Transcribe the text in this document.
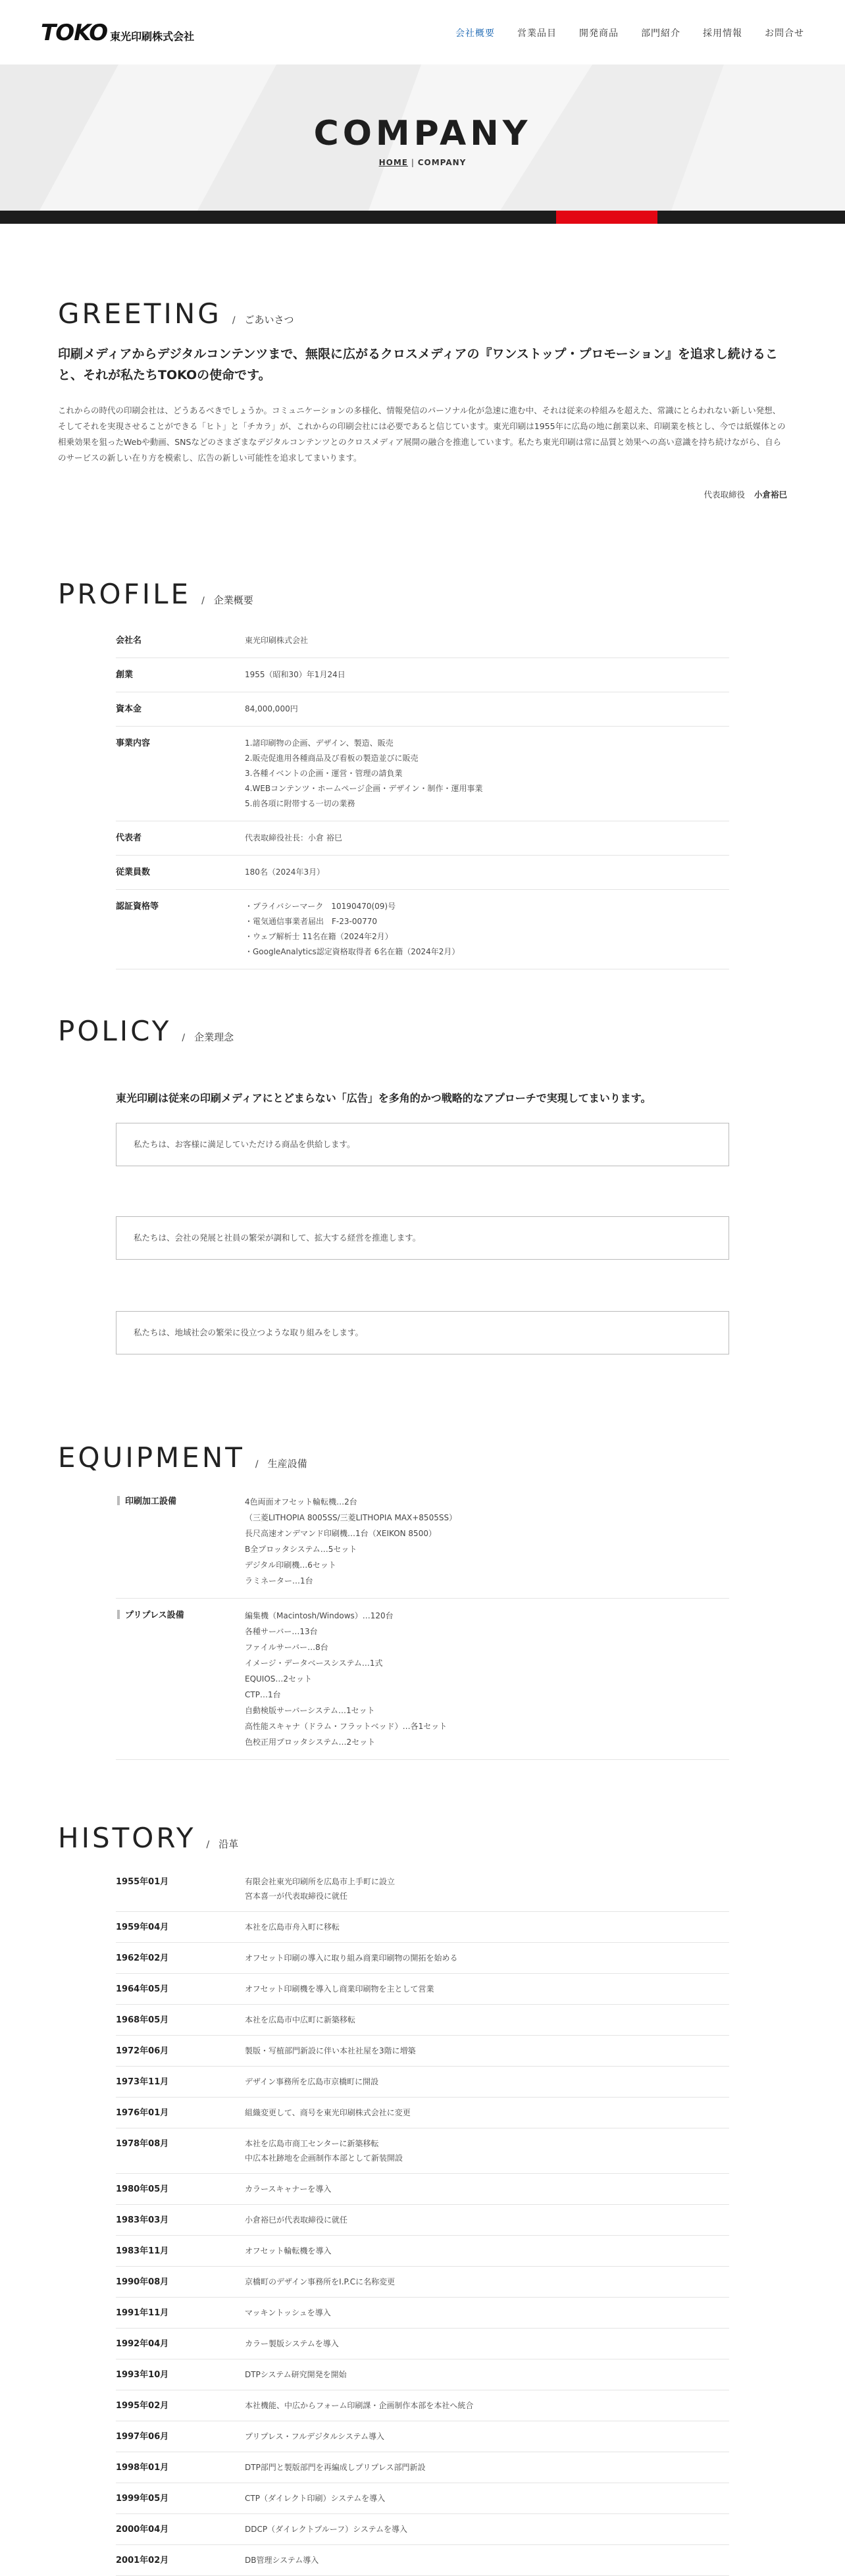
TOKO 東光印刷株式会社	会社概要 営業品目 開発商品 部門紹介 採用情報 お問合せ
COMPANY
HOME | COMPANY
GREETING / ごあいさつ
印刷メディアからデジタルコンテンツまで、無限に広がるクロスメディアの『ワンストップ・プロモーション』を追求し続けること、それが私たちTOKOの使命です。
これからの時代の印刷会社は、どうあるべきでしょうか。コミュニケーションの多様化、情報発信のパーソナル化が急速に進む中、それは従来の枠組みを超えた、常識にとらわれない新しい発想、そしてそれを実現させることができる「ヒト」と「チカラ」が、これからの印刷会社には必要であると信じています。東光印刷は1955年に広島の地に創業以来、印刷業を核とし、今では紙媒体との相乗効果を狙ったWebや動画、SNSなどのさまざまなデジタルコンテンツとのクロスメディア展開の融合を推進しています。私たち東光印刷は常に品質と効果への高い意識を持ち続けながら、自らのサービスの新しい在り方を模索し、広告の新しい可能性を追求してまいります。
代表取締役 小倉裕巳
PROFILE / 企業概要
会社名	東光印刷株式会社
創業	1955（昭和30）年1月24日
資本金	84,000,000円
事業内容	1.諸印刷物の企画、デザイン、製造、販売
2.販売促進用各種商品及び看板の製造並びに販売
3.各種イベントの企画・運営・管理の請負業
4.WEBコンテンツ・ホームページ企画・デザイン・制作・運用事業
5.前各項に附帯する一切の業務
代表者	代表取締役社長：小倉 裕巳
従業員数	180名（2024年3月）
認証資格等	・プライバシーマーク　10190470(09)号
・電気通信事業者届出　F-23-00770
・ウェブ解析士 11名在籍（2024年2月）
・GoogleAnalytics認定資格取得者 6名在籍（2024年2月）
POLICY / 企業理念
東光印刷は従来の印刷メディアにとどまらない「広告」を多角的かつ戦略的なアプローチで実現してまいります。
私たちは、お客様に満足していただける商品を供給します。
私たちは、会社の発展と社員の繁栄が調和して、拡大する経営を推進します。
私たちは、地域社会の繁栄に役立つような取り組みをします。
EQUIPMENT / 生産設備
印刷加工設備	4色両面オフセット輪転機…2台
（三菱LITHOPIA 8005SS/三菱LITHOPIA MAX+8505SS）
長尺高速オンデマンド印刷機…1台（XEIKON 8500）
B全プロッタシステム…5セット
デジタル印刷機…6セット
ラミネーター…1台
プリプレス設備	編集機（Macintosh/Windows）…120台
各種サーバー…13台
ファイルサーバー…8台
イメージ・データベースシステム…1式
EQUIOS…2セット
CTP…1台
自動検版サーバーシステム…1セット
高性能スキャナ（ドラム・フラットベッド）…各1セット
色校正用プロッタシステム…2セット
HISTORY / 沿革
1955年01月	有限会社東光印刷所を広島市上手町に設立
宮本喜一が代表取締役に就任
1959年04月	本社を広島市舟入町に移転
1962年02月	オフセット印刷の導入に取り組み商業印刷物の開拓を始める
1964年05月	オフセット印刷機を導入し商業印刷物を主として営業
1968年05月	本社を広島市中広町に新築移転
1972年06月	製版・写植部門新設に伴い本社社屋を3階に増築
1973年11月	デザイン事務所を広島市京橋町に開設
1976年01月	組織変更して、商号を東光印刷株式会社に変更
1978年08月	本社を広島市商工センターに新築移転
中広本社跡地を企画制作本部として新装開設
1980年05月	カラースキャナーを導入
1983年03月	小倉裕巳が代表取締役に就任
1983年11月	オフセット輪転機を導入
1990年08月	京橋町のデザイン事務所をI.P.Cに名称変更
1991年11月	マッキントッシュを導入
1992年04月	カラー製版システムを導入
1993年10月	DTPシステム研究開発を開始
1995年02月	本社機能、中広からフォーム印刷課・企画制作本部を本社へ統合
1997年06月	プリプレス・フルデジタルシステム導入
1998年01月	DTP部門と製版部門を再編成しプリプレス部門新設
1999年05月	CTP（ダイレクト印刷）システムを導入
2000年04月	DDCP（ダイレクトプルーフ）システムを導入
2001年02月	DB管理システム導入
